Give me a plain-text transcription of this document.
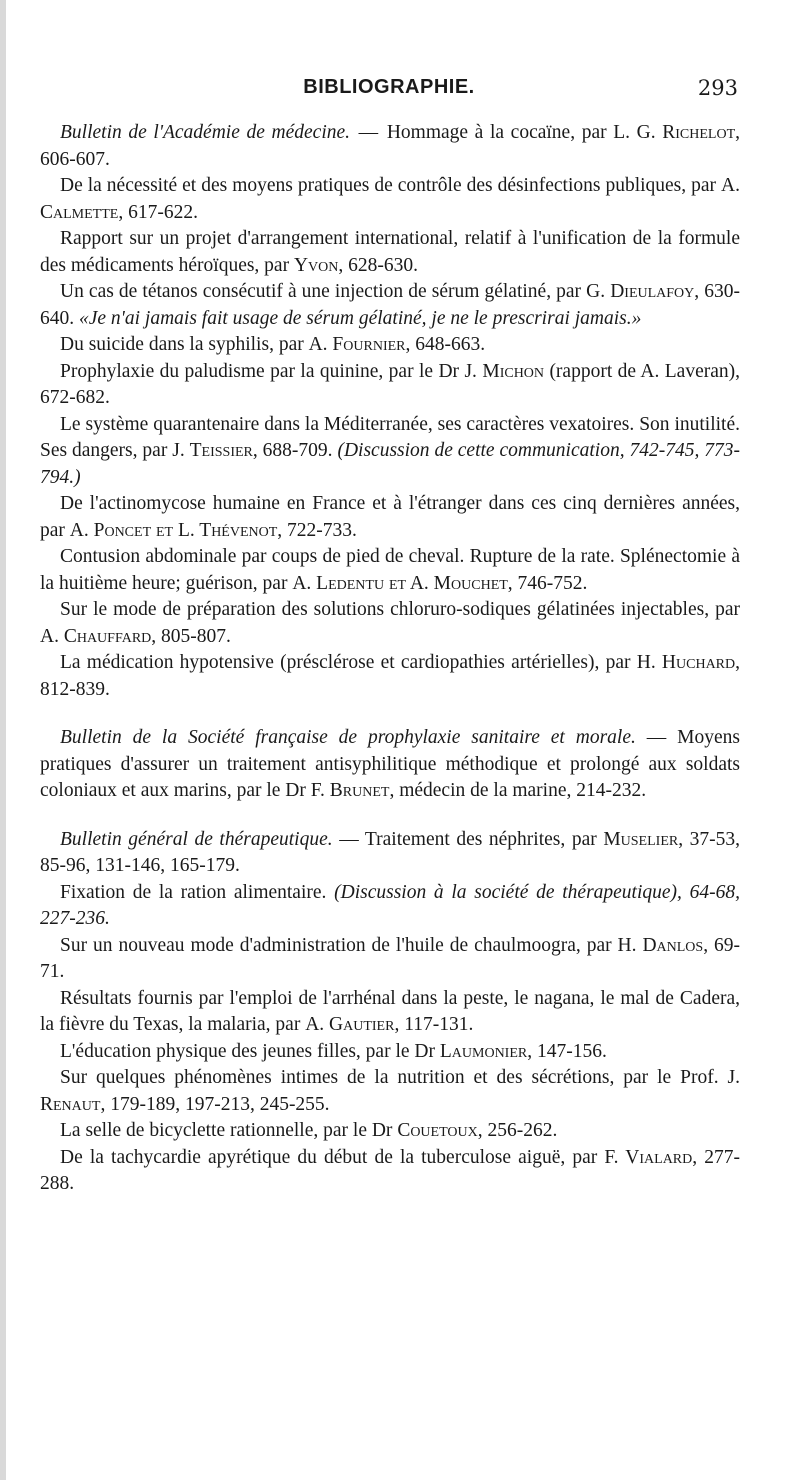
BIBLIOGRAPHIE.	293

Bulletin de l'Académie de médecine. — Hommage à la cocaïne, par L. G. Richelot, 606-607.

De la nécessité et des moyens pratiques de contrôle des désinfections publiques, par A. Calmette, 617-622.

Rapport sur un projet d'arrangement international, relatif à l'unification de la formule des médicaments héroïques, par Yvon, 628-630.

Un cas de tétanos consécutif à une injection de sérum gélatiné, par G. Dieulafoy, 630-640. «Je n'ai jamais fait usage de sérum gélatiné, je ne le prescrirai jamais.»

Du suicide dans la syphilis, par A. Fournier, 648-663.

Prophylaxie du paludisme par la quinine, par le Dr J. Michon (rapport de A. Laveran), 672-682.

Le système quarantenaire dans la Méditerranée, ses caractères vexatoires. Son inutilité. Ses dangers, par J. Teissier, 688-709. (Discussion de cette communication, 742-745, 773-794.)

De l'actinomycose humaine en France et à l'étranger dans ces cinq dernières années, par A. Poncet et L. Thévenot, 722-733.

Contusion abdominale par coups de pied de cheval. Rupture de la rate. Splénectomie à la huitième heure; guérison, par A. Ledentu et A. Mouchet, 746-752.

Sur le mode de préparation des solutions chloruro-sodiques gélatinées injectables, par A. Chauffard, 805-807.

La médication hypotensive (présclérose et cardiopathies artérielles), par H. Huchard, 812-839.

Bulletin de la Société française de prophylaxie sanitaire et morale. — Moyens pratiques d'assurer un traitement antisyphilitique méthodique et prolongé aux soldats coloniaux et aux marins, par le Dr F. Brunet, médecin de la marine, 214-232.

Bulletin général de thérapeutique. — Traitement des néphrites, par Muselier, 37-53, 85-96, 131-146, 165-179.

Fixation de la ration alimentaire. (Discussion à la société de thérapeutique), 64-68, 227-236.

Sur un nouveau mode d'administration de l'huile de chaulmoogra, par H. Danlos, 69-71.

Résultats fournis par l'emploi de l'arrhénal dans la peste, le nagana, le mal de Cadera, la fièvre du Texas, la malaria, par A. Gautier, 117-131.

L'éducation physique des jeunes filles, par le Dr Laumonier, 147-156.

Sur quelques phénomènes intimes de la nutrition et des sécrétions, par le Prof. J. Renaut, 179-189, 197-213, 245-255.

La selle de bicyclette rationnelle, par le Dr Couetoux, 256-262.

De la tachycardie apyrétique du début de la tuberculose aiguë, par F. Vialard, 277-288.
